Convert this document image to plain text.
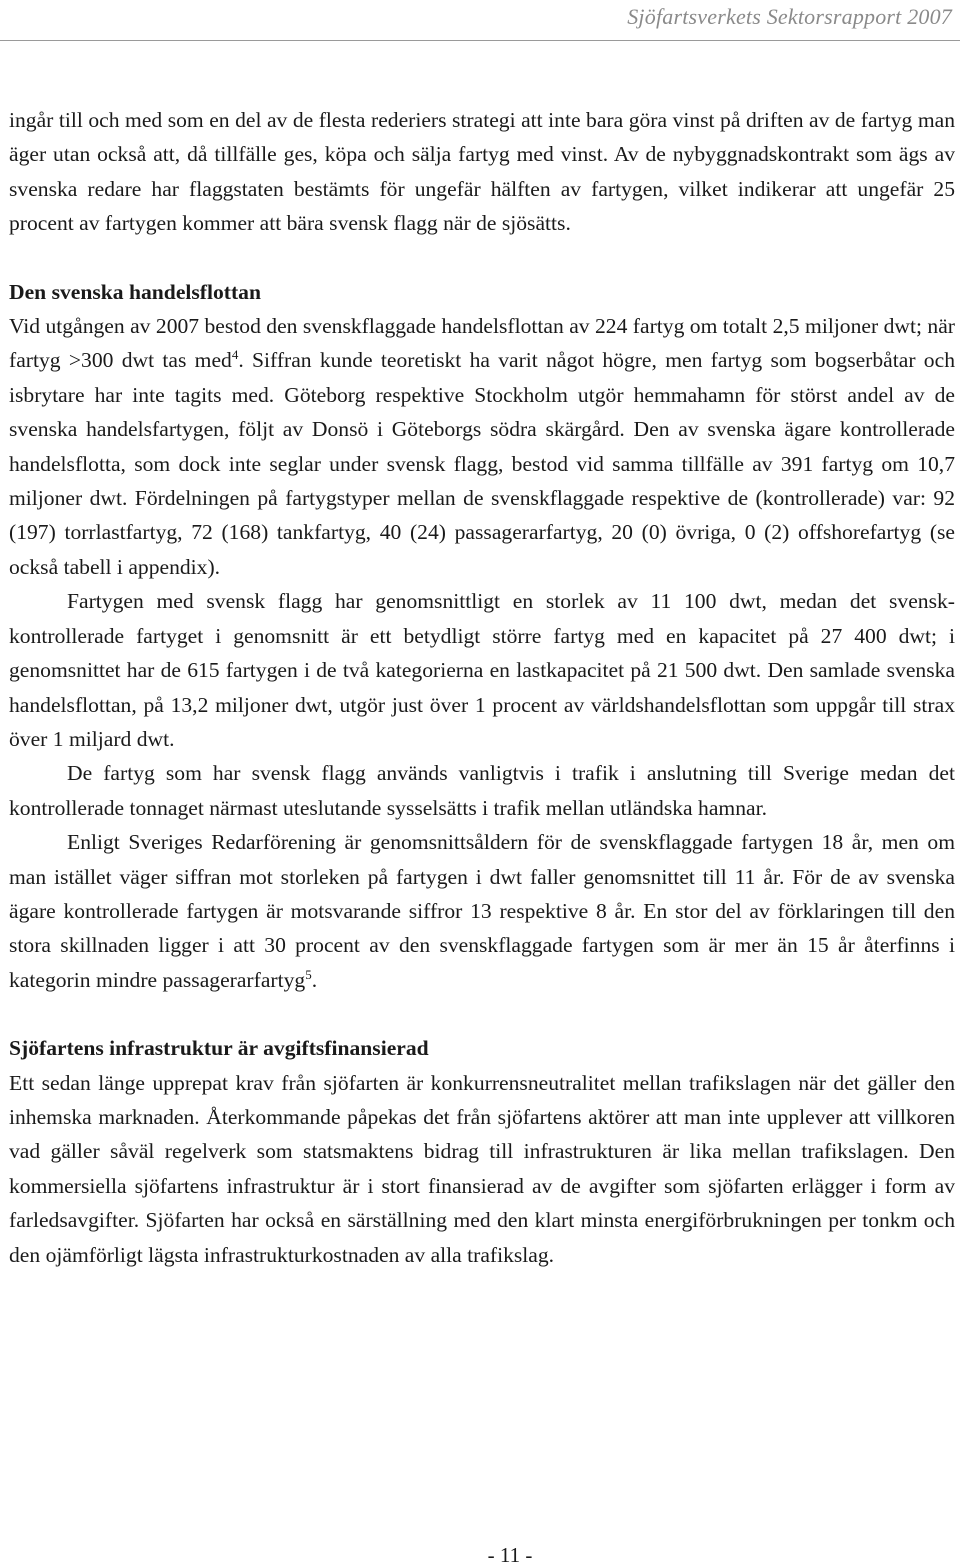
Sjöfartsverkets Sektorsrapport 2007

ingår till och med som en del av de flesta rederiers strategi att inte bara göra vinst på driften av de fartyg man äger utan också att, då tillfälle ges, köpa och sälja fartyg med vinst. Av de nybyggnadskontrakt som ägs av svenska redare har flaggstaten bestämts för ungefär hälften av fartygen, vilket indikerar att ungefär 25 procent av fartygen kommer att bära svensk flagg när de sjösätts.

Den svenska handelsflottan

Vid utgången av 2007 bestod den svenskflaggade handelsflottan av 224 fartyg om totalt 2,5 miljoner dwt; när fartyg >300 dwt tas med$^4$. Siffran kunde teoretiskt ha varit något högre, men fartyg som bogserbåtar och isbrytare har inte tagits med. Göteborg respektive Stockholm utgör hemmahamn för störst andel av de svenska handelsfartygen, följt av Donsö i Göteborgs södra skärgård. Den av svenska ägare kontrollerade handelsflotta, som dock inte seglar under svensk flagg, bestod vid samma tillfälle av 391 fartyg om 10,7 miljoner dwt. Fördelningen på fartygstyper mellan de svenskflaggade respektive de (kontrollerade) var: 92 (197) torrlastfartyg, 72 (168) tankfartyg, 40 (24) passagerarfartyg, 20 (0) övriga, 0 (2) offshorefartyg (se också tabell i appendix).

Fartygen med svensk flagg har genomsnittligt en storlek av 11 100 dwt, medan det svensk-kontrollerade fartyget i genomsnitt är ett betydligt större fartyg med en kapacitet på 27 400 dwt; i genomsnittet har de 615 fartygen i de två kategorierna en lastkapacitet på 21 500 dwt. Den samlade svenska handelsflottan, på 13,2 miljoner dwt, utgör just över 1 procent av världshandelsflottan som uppgår till strax över 1 miljard dwt.

De fartyg som har svensk flagg används vanligtvis i trafik i anslutning till Sverige medan det kontrollerade tonnaget närmast uteslutande sysselsätts i trafik mellan utländska hamnar.

Enligt Sveriges Redarförening är genomsnittsåldern för de svenskflaggade fartygen 18 år, men om man istället väger siffran mot storleken på fartygen i dwt faller genomsnittet till 11 år. För de av svenska ägare kontrollerade fartygen är motsvarande siffror 13 respektive 8 år. En stor del av förklaringen till den stora skillnaden ligger i att 30 procent av den svenskflaggade fartygen som är mer än 15 år återfinns i kategorin mindre passagerarfartyg$^5$.

Sjöfartens infrastruktur är avgiftsfinansierad

Ett sedan länge upprepat krav från sjöfarten är konkurrensneutralitet mellan trafikslagen när det gäller den inhemska marknaden. Återkommande påpekas det från sjöfartens aktörer att man inte upplever att villkoren vad gäller såväl regelverk som statsmaktens bidrag till infrastrukturen är lika mellan trafikslagen. Den kommersiella sjöfartens infrastruktur är i stort finansierad av de avgifter som sjöfarten erlägger i form av farledsavgifter. Sjöfarten har också en särställning med den klart minsta energiförbrukningen per tonkm och den ojämförligt lägsta infrastrukturkostnaden av alla trafikslag.

- 11 -
